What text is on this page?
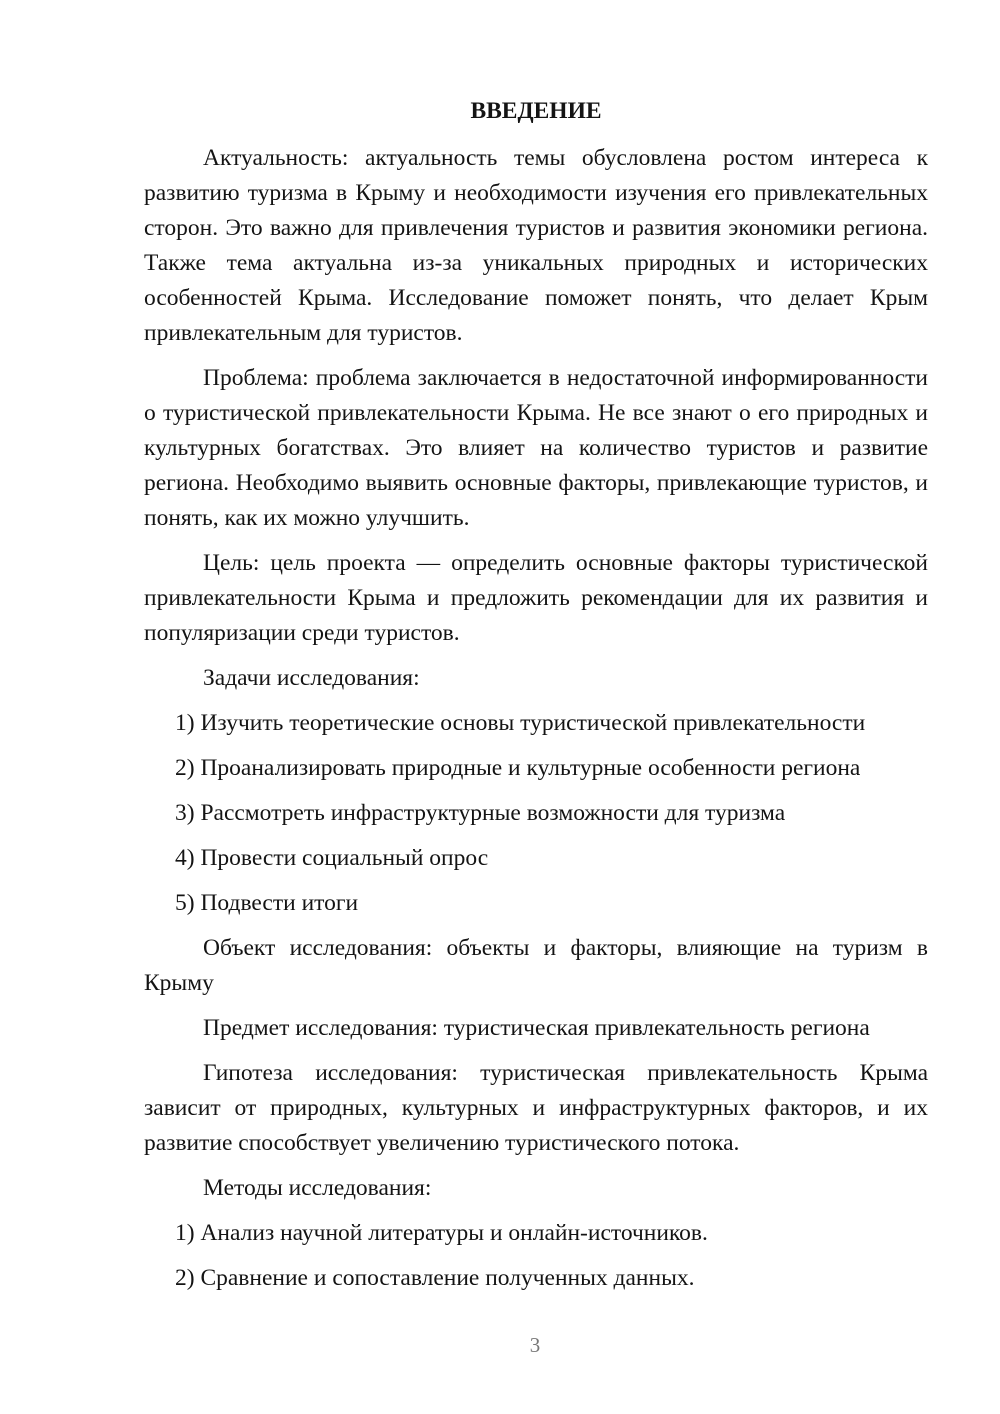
ВВЕДЕНИЕ

Актуальность: актуальность темы обусловлена ростом интереса к развитию туризма в Крыму и необходимости изучения его привлекательных сторон. Это важно для привлечения туристов и развития экономики региона. Также тема актуальна из-за уникальных природных и исторических особенностей Крыма. Исследование поможет понять, что делает Крым привлекательным для туристов.

Проблема: проблема заключается в недостаточной информированности о туристической привлекательности Крыма. Не все знают о его природных и культурных богатствах. Это влияет на количество туристов и развитие региона. Необходимо выявить основные факторы, привлекающие туристов, и понять, как их можно улучшить.

Цель: цель проекта — определить основные факторы туристической привлекательности Крыма и предложить рекомендации для их развития и популяризации среди туристов.

Задачи исследования:

1) Изучить теоретические основы туристической привлекательности
2) Проанализировать природные и культурные особенности региона
3) Рассмотреть инфраструктурные возможности для туризма
4) Провести социальный опрос
5) Подвести итоги

Объект исследования: объекты и факторы, влияющие на туризм в Крыму

Предмет исследования: туристическая привлекательность региона

Гипотеза исследования: туристическая привлекательность Крыма зависит от природных, культурных и инфраструктурных факторов, и их развитие способствует увеличению туристического потока.

Методы исследования:

1) Анализ научной литературы и онлайн-источников.
2) Сравнение и сопоставление полученных данных.
3
